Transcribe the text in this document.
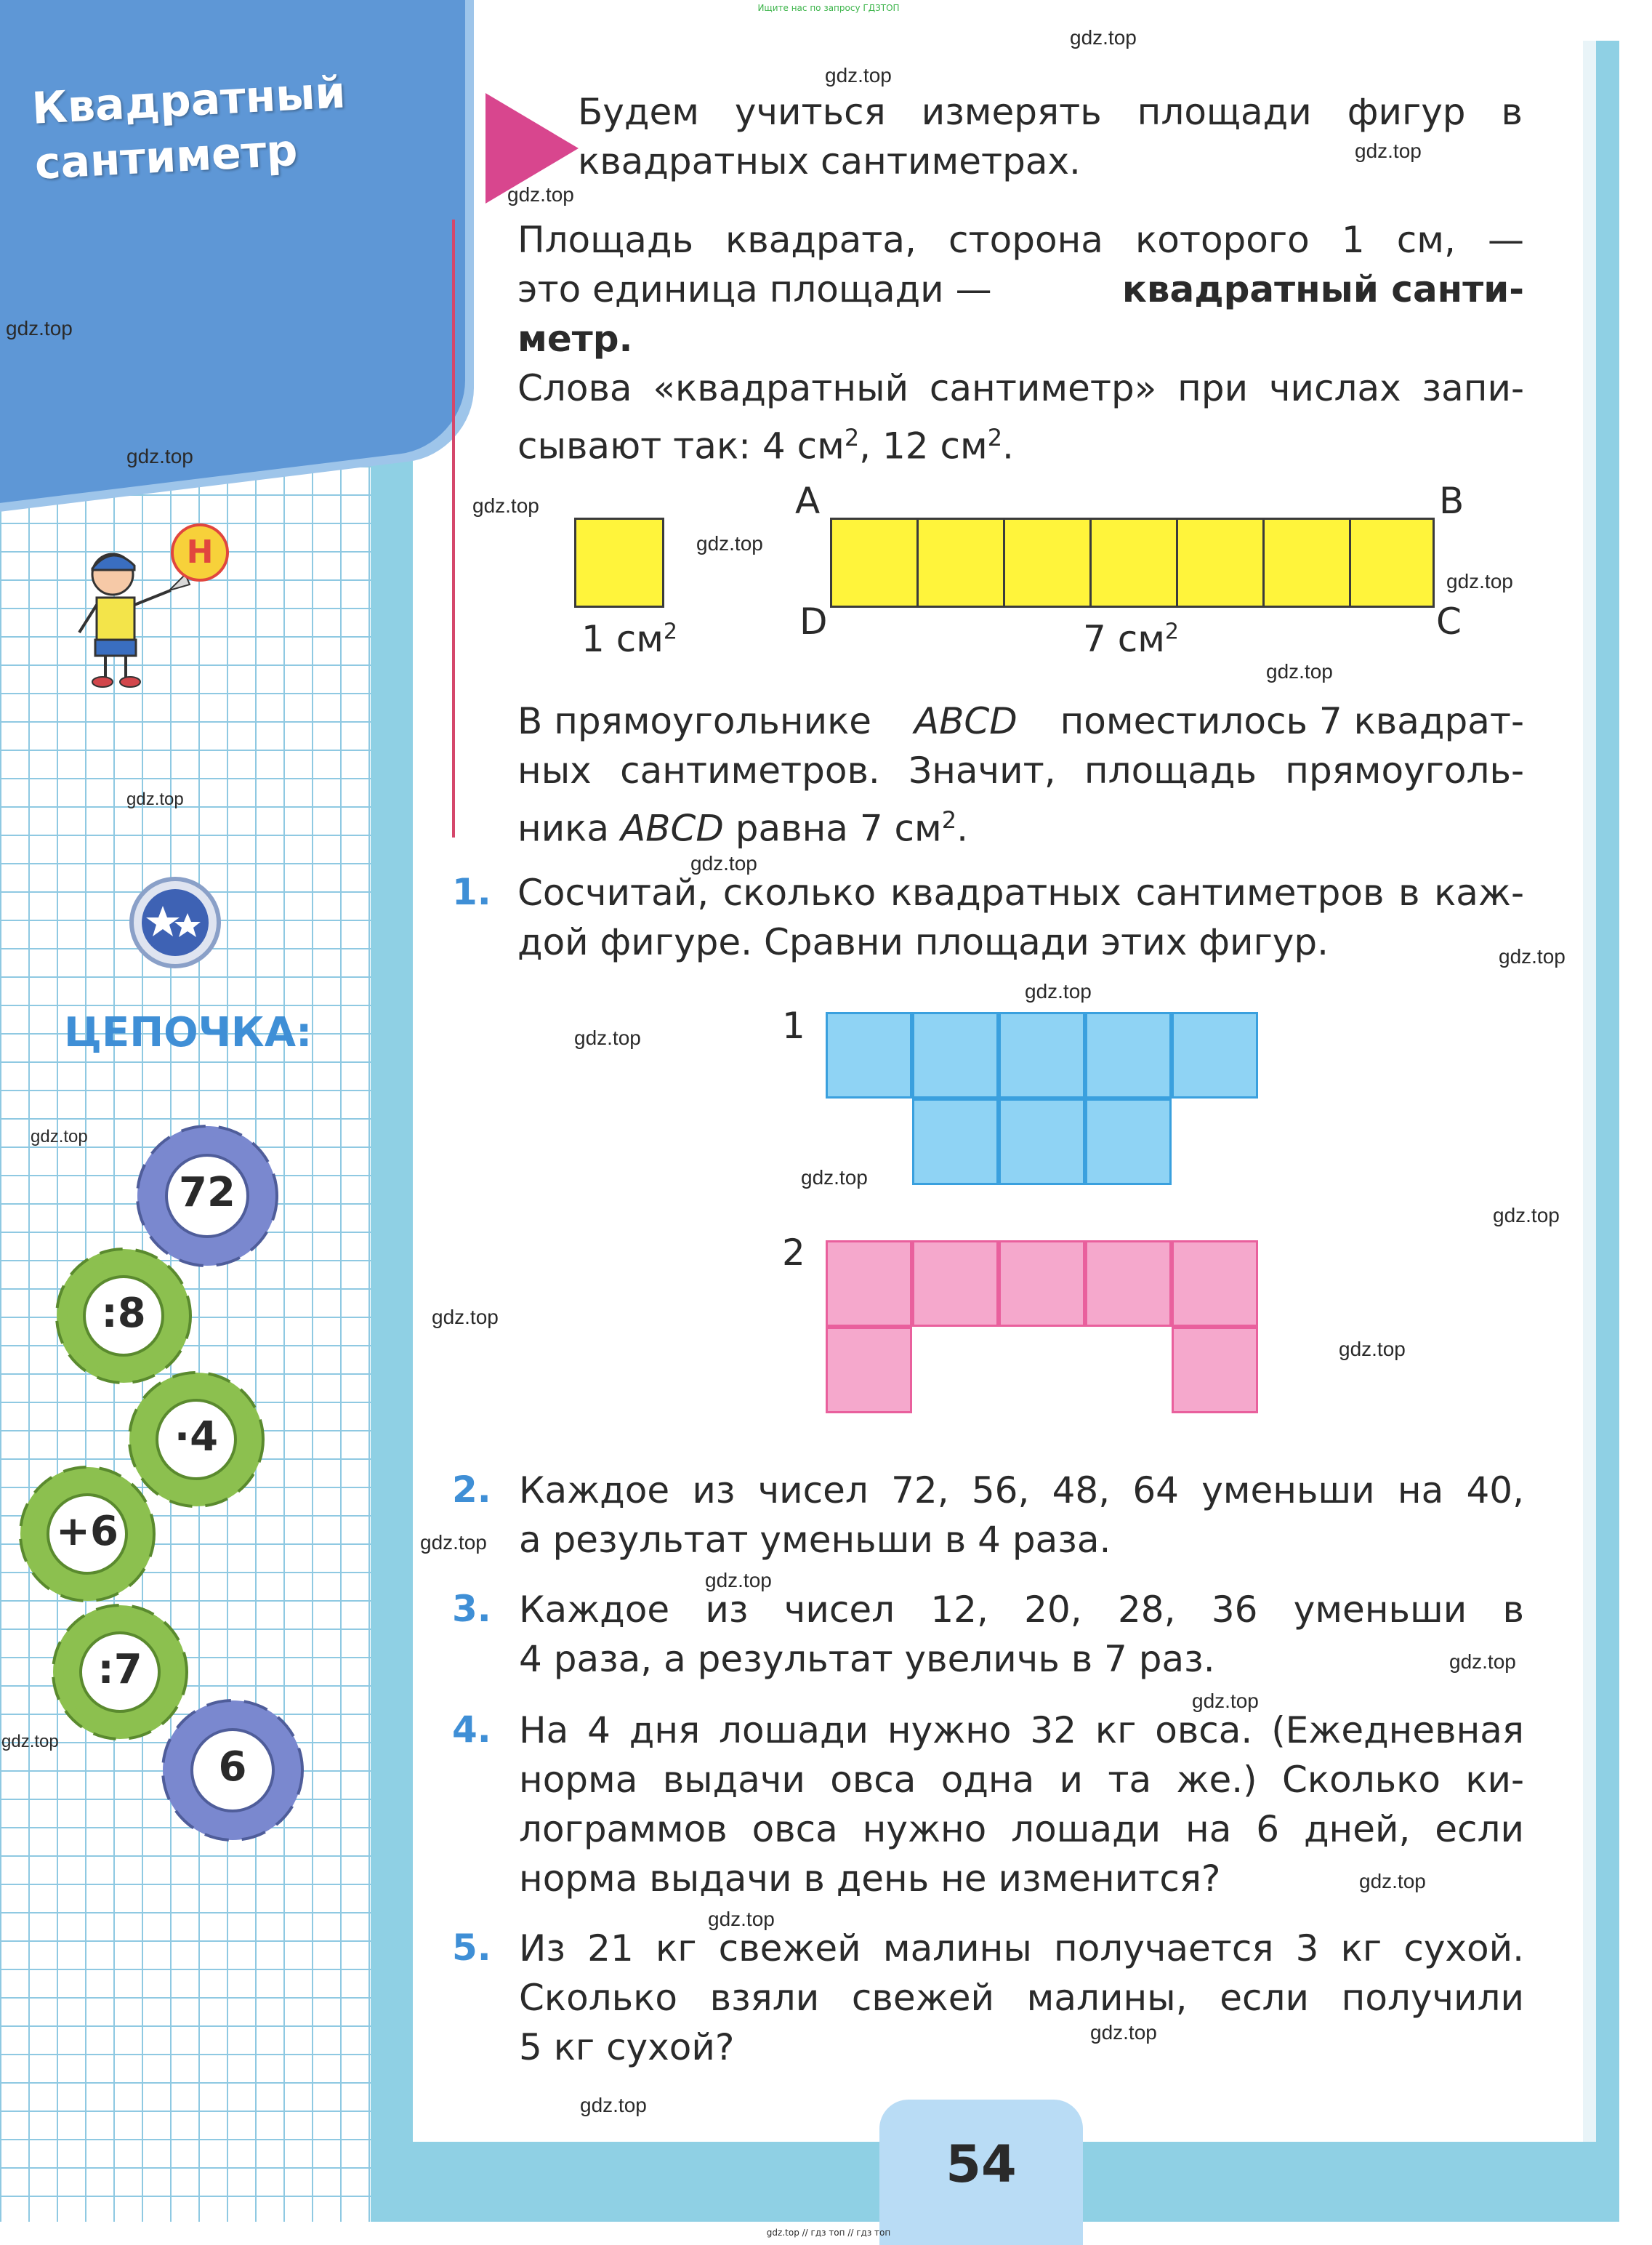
Ищите нас по запросу ГДЗТОП
Квадратный
сантиметр
Н
ЦЕПОЧКА:
72
:8
·4
+6
:7
6
Будем учиться измерять площади фигур в
квадратных сантиметрах.
Площадь квадрата, сторона которого 1 см, —
это единица площади —	квадратный санти-
метр.
Слова «квадратный сантиметр» при числах запи-
сывают так: 4 $см^2$, 12 $см^2$.
1 $см^2$
A	B
C
D	7 $см^2$
В прямоугольнике ABCD поместилось 7 квадрат-
ных сантиметров. Значит, площадь прямоуголь-
ника ABCD равна 7 $см^2$.
1. Сосчитай, сколько квадратных сантиметров в каж-
дой фигуре. Сравни площади этих фигур.
1
2
2. Каждое из чисел 72, 56, 48, 64 уменьши на 40,
а результат уменьши в 4 раза.
3. Каждое из чисел 12, 20, 28, 36 уменьши в
4 раза, а результат увеличь в 7 раз.
4. На 4 дня лошади нужно 32 кг овса. (Ежедневная
норма выдачи овса одна и та же.) Сколько ки-
лограммов овса нужно лошади на 6 дней, если
норма выдачи в день не изменится?
5. Из 21 кг свежей малины получается 3 кг сухой.
Сколько взяли свежей малины, если получили
5 кг сухой?
54
gdz.top // гдз топ // гдз топ
gdz.top
gdz.top
gdz.top
gdz.top
gdz.top
gdz.top
gdz.top
gdz.top
gdz.top
gdz.top
gdz.top
gdz.top
gdz.top
gdz.top
gdz.top
gdz.top
gdz.top
gdz.top
gdz.top
gdz.top
gdz.top
gdz.top
gdz.top
gdz.top
gdz.top
gdz.top
gdz.top
gdz.top
gdz.top
